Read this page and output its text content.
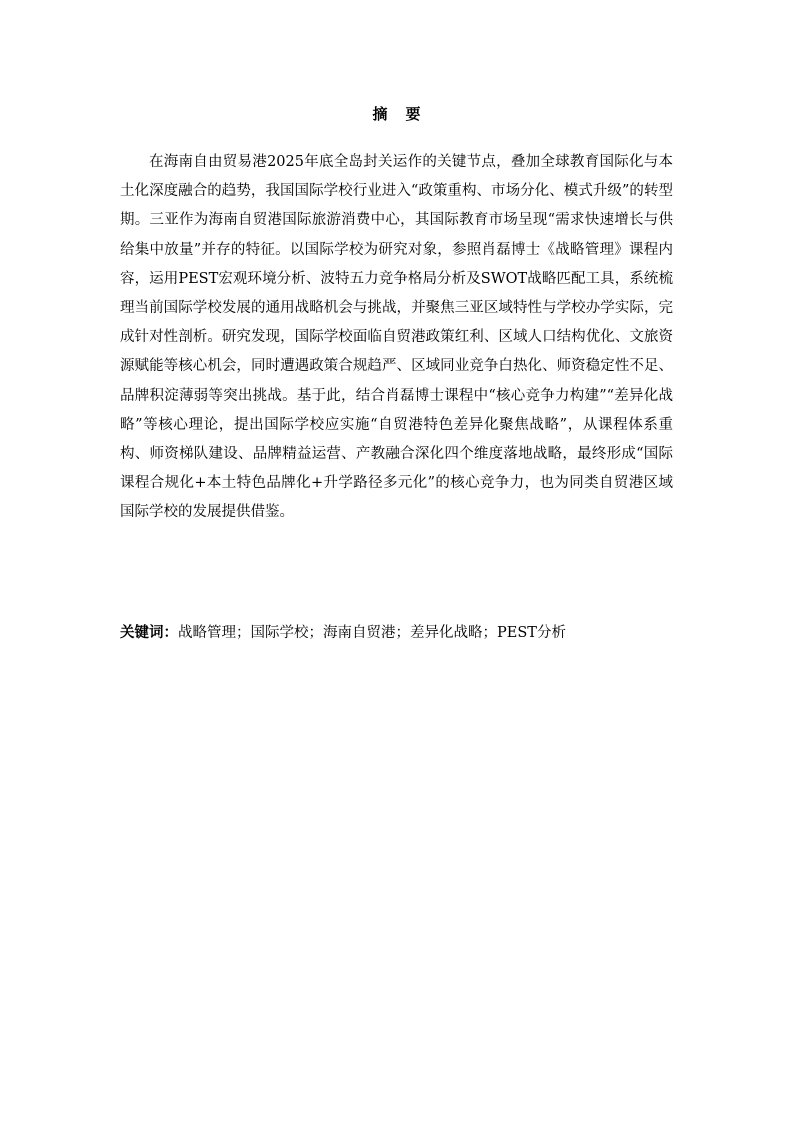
摘要

在海南自由贸易港2025年底全岛封关运作的关键节点，叠加全球教育国际化与本土化深度融合的趋势，我国国际学校行业进入“政策重构、市场分化、模式升级”的转型期。三亚作为海南自贸港国际旅游消费中心，其国际教育市场呈现“需求快速增长与供给集中放量”并存的特征。以国际学校为研究对象，参照肖磊博士《战略管理》课程内容，运用PEST宏观环境分析、波特五力竞争格局分析及SWOT战略匹配工具，系统梳理当前国际学校发展的通用战略机会与挑战，并聚焦三亚区域特性与学校办学实际，完成针对性剖析。研究发现，国际学校面临自贸港政策红利、区域人口结构优化、文旅资源赋能等核心机会，同时遭遇政策合规趋严、区域同业竞争白热化、师资稳定性不足、品牌积淀薄弱等突出挑战。基于此，结合肖磊博士课程中“核心竞争力构建”“差异化战略”等核心理论，提出国际学校应实施“自贸港特色差异化聚焦战略”，从课程体系重构、师资梯队建设、品牌精益运营、产教融合深化四个维度落地战略，最终形成“国际课程合规化+本土特色品牌化+升学路径多元化”的核心竞争力，也为同类自贸港区域国际学校的发展提供借鉴。

关键词：战略管理；国际学校；海南自贸港；差异化战略；PEST分析
